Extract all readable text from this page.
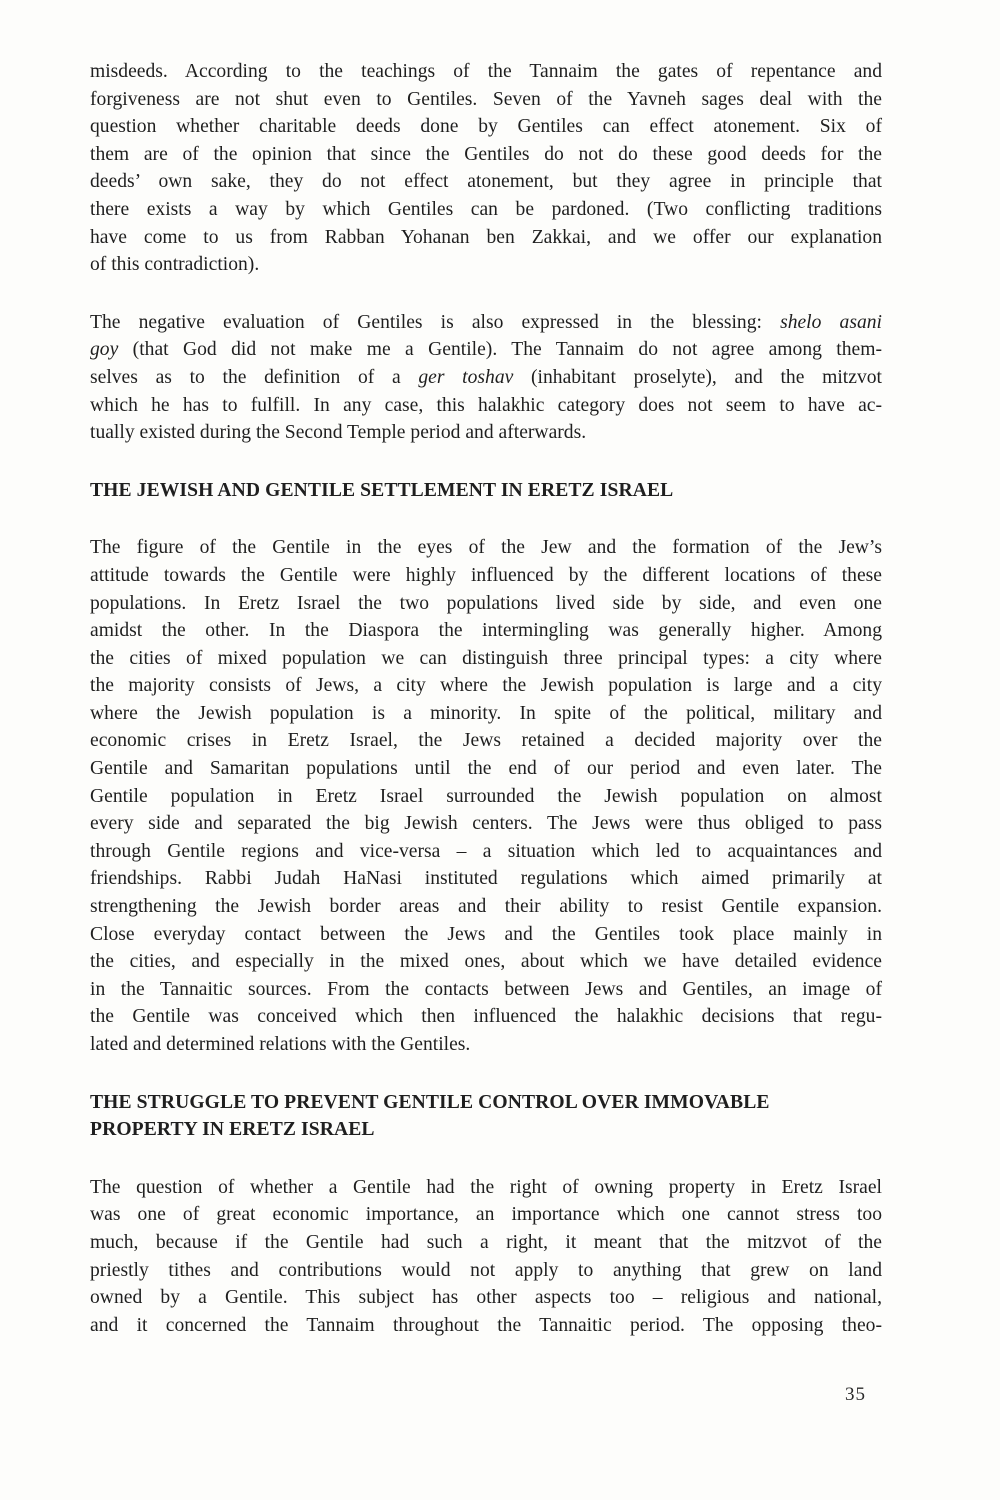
misdeeds. According to the teachings of the Tannaim the gates of repentance and
forgiveness are not shut even to Gentiles. Seven of the Yavneh sages deal with the
question whether charitable deeds done by Gentiles can effect atonement. Six of
them are of the opinion that since the Gentiles do not do these good deeds for the
deeds’ own sake, they do not effect atonement, but they agree in principle that
there exists a way by which Gentiles can be pardoned. (Two conflicting traditions
have come to us from Rabban Yohanan ben Zakkai, and we offer our explanation
of this contradiction).

The negative evaluation of Gentiles is also expressed in the blessing: shelo asani
goy (that God did not make me a Gentile). The Tannaim do not agree among them-
selves as to the definition of a ger toshav (inhabitant proselyte), and the mitzvot
which he has to fulfill. In any case, this halakhic category does not seem to have ac-
tually existed during the Second Temple period and afterwards.

THE JEWISH AND GENTILE SETTLEMENT IN ERETZ ISRAEL

The figure of the Gentile in the eyes of the Jew and the formation of the Jew’s
attitude towards the Gentile were highly influenced by the different locations of these
populations. In Eretz Israel the two populations lived side by side, and even one
amidst the other. In the Diaspora the intermingling was generally higher. Among
the cities of mixed population we can distinguish three principal types: a city where
the majority consists of Jews, a city where the Jewish population is large and a city
where the Jewish population is a minority. In spite of the political, military and
economic crises in Eretz Israel, the Jews retained a decided majority over the
Gentile and Samaritan populations until the end of our period and even later. The
Gentile population in Eretz Israel surrounded the Jewish population on almost
every side and separated the big Jewish centers. The Jews were thus obliged to pass
through Gentile regions and vice-versa – a situation which led to acquaintances and
friendships. Rabbi Judah HaNasi instituted regulations which aimed primarily at
strengthening the Jewish border areas and their ability to resist Gentile expansion.
Close everyday contact between the Jews and the Gentiles took place mainly in
the cities, and especially in the mixed ones, about which we have detailed evidence
in the Tannaitic sources. From the contacts between Jews and Gentiles, an image of
the Gentile was conceived which then influenced the halakhic decisions that regu-
lated and determined relations with the Gentiles.

THE STRUGGLE TO PREVENT GENTILE CONTROL OVER IMMOVABLE
PROPERTY IN ERETZ ISRAEL

The question of whether a Gentile had the right of owning property in Eretz Israel
was one of great economic importance, an importance which one cannot stress too
much, because if the Gentile had such a right, it meant that the mitzvot of the
priestly tithes and contributions would not apply to anything that grew on land
owned by a Gentile. This subject has other aspects too – religious and national,
and it concerned the Tannaim throughout the Tannaitic period. The opposing theo-

35
